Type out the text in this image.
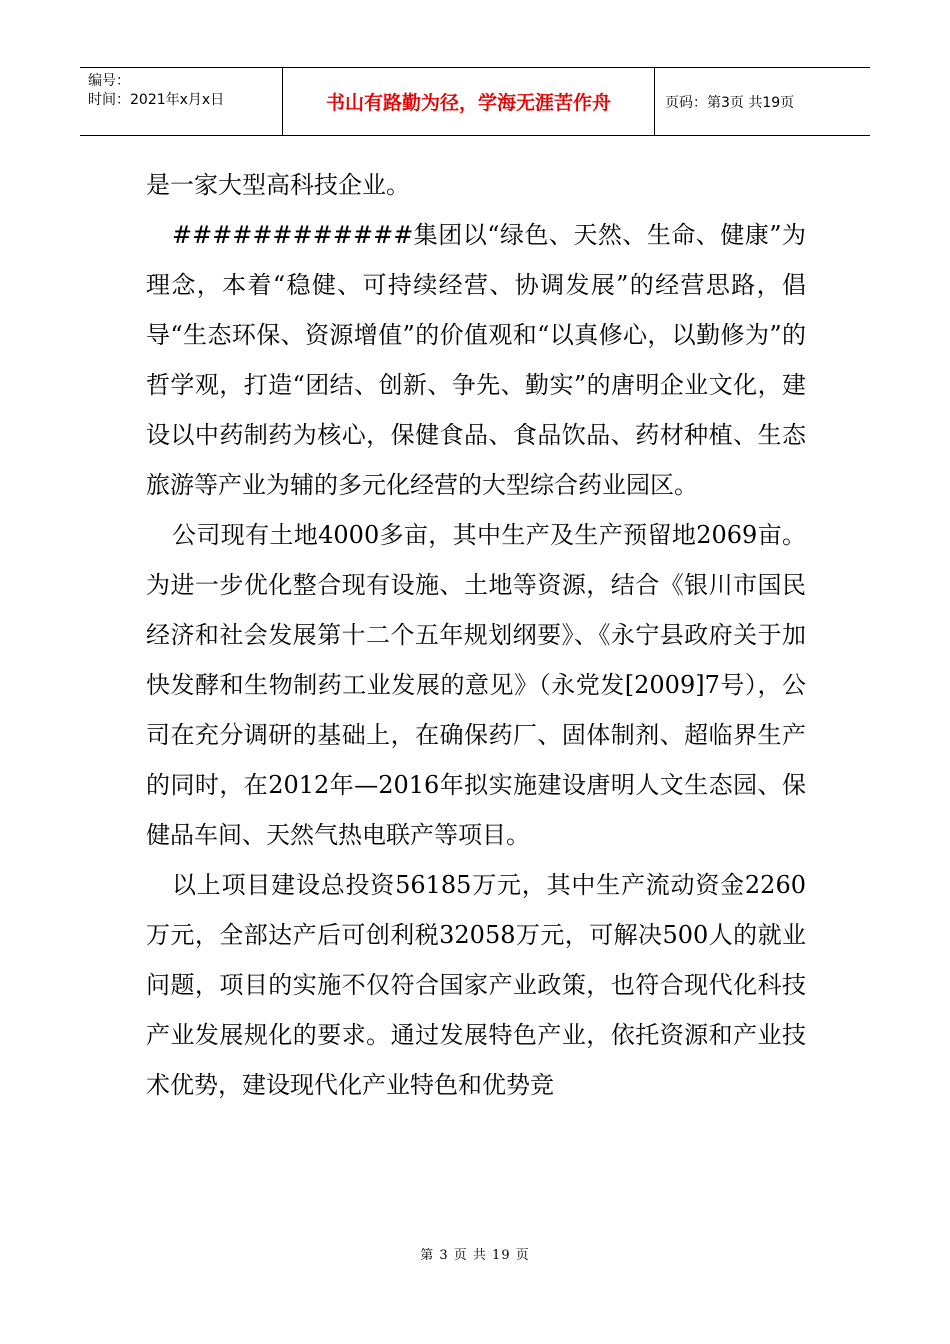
编号：
时间：2021年x月x日	书山有路勤为径，学海无涯苦作舟	页码：第3页 共19页

是一家大型高科技企业。

############集团以“绿色、天然、生命、健康”为理念，本着“稳健、可持续经营、协调发展”的经营思路，倡导“生态环保、资源增值”的价值观和“以真修心，以勤修为”的哲学观，打造“团结、创新、争先、勤实”的唐明企业文化，建设以中药制药为核心，保健食品、食品饮品、药材种植、生态旅游等产业为辅的多元化经营的大型综合药业园区。

公司现有土地4000多亩，其中生产及生产预留地2069亩。为进一步优化整合现有设施、土地等资源，结合《银川市国民经济和社会发展第十二个五年规划纲要》、《永宁县政府关于加快发酵和生物制药工业发展的意见》（永党发[2009]7号），公司在充分调研的基础上，在确保药厂、固体制剂、超临界生产的同时，在2012年—2016年拟实施建设唐明人文生态园、保健品车间、天然气热电联产等项目。

以上项目建设总投资56185万元，其中生产流动资金2260万元，全部达产后可创利税32058万元，可解决500人的就业问题，项目的实施不仅符合国家产业政策，也符合现代化科技产业发展规化的要求。通过发展特色产业，依托资源和产业技术优势，建设现代化产业特色和优势竞

第 3 页 共 19 页
